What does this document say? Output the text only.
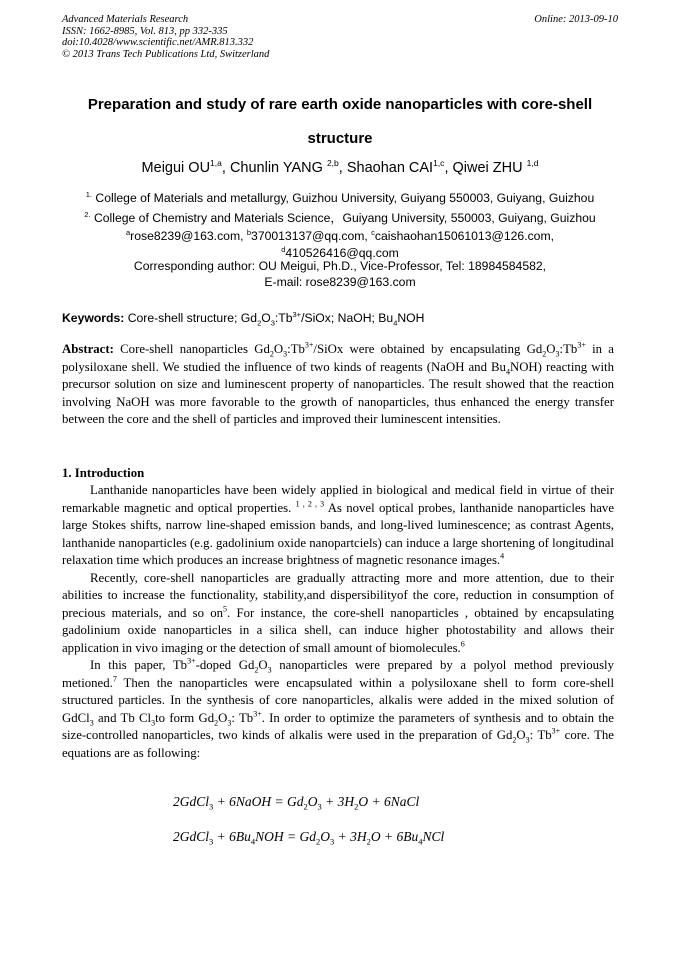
Advanced Materials Research
ISSN: 1662-8985, Vol. 813, pp 332-335
doi:10.4028/www.scientific.net/AMR.813.332
© 2013 Trans Tech Publications Ltd, Switzerland
Online: 2013-09-10
Preparation and study of rare earth oxide nanoparticles with core-shell
structure
Meigui OU$^{1,a}$, Chunlin YANG $^{2,b}$, Shaohan CAI$^{1,c}$, Qiwei ZHU $^{1,d}$
$^{1.}$ College of Materials and metallurgy, Guizhou University, Guiyang 550003, Guiyang, Guizhou
$^{2.}$ College of Chemistry and Materials Science，Guiyang University, 550003, Guiyang, Guizhou
$^a$rose8239@163.com, $^b$370013137@qq.com, $^c$caishaohan15061013@126.com,
$^d$410526416@qq.com
Corresponding author: OU Meigui, Ph.D., Vice-Professor, Tel: 18984584582,
E-mail: rose8239@163.com
Keywords: Core-shell structure; $Gd_2O_3:Tb^{3+}$/SiOx; NaOH; $Bu_4NOH$
Abstract: Core-shell nanoparticles $Gd_2O_3:Tb^{3+}$/SiOx were obtained by encapsulating $Gd_2O_3:Tb^{3+}$ in a polysiloxane shell. We studied the influence of two kinds of reagents (NaOH and $Bu_4NOH$) reacting with precursor solution on size and luminescent property of nanoparticles. The result showed that the reaction involving NaOH was more favorable to the growth of nanoparticles, thus enhanced the energy transfer between the core and the shell of particles and improved their luminescent intensities.
1. Introduction

Lanthanide nanoparticles have been widely applied in biological and medical field in virtue of their remarkable magnetic and optical properties. $^{1 , 2 , 3}$ As novel optical probes, lanthanide nanoparticles have large Stokes shifts, narrow line-shaped emission bands, and long-lived luminescence; as contrast Agents, lanthanide nanoparticles (e.g. gadolinium oxide nanopartciels) can induce a large shortening of longitudinal relaxation time which produces an increase brightness of magnetic resonance images.$^4$

Recently, core-shell nanoparticles are gradually attracting more and more attention, due to their abilities to increase the functionality, stability,and dispersibilityof the core, reduction in consumption of precious materials, and so $on^5$. For instance, the core-shell nanoparticles , obtained by encapsulating gadolinium oxide nanoparticles in a silica shell, can induce higher photostability and allows their application in vivo imaging or the detection of small amount of biomolecules.$^6$

In this paper, $Tb^{3+}$-doped $Gd_2O_3$ nanoparticles were prepared by a polyol method previously metioned.$^7$ Then the nanoparticles were encapsulated within a polysiloxane shell to form core-shell structured particles. In the synthesis of core nanoparticles, alkalis were added in the mixed solution of GdCl$_3$ and Tb $Cl_3to$ form $Gd_2O_3$: $Tb^{3+}$. In order to optimize the parameters of synthesis and to obtain the size-controlled nanoparticles, two kinds of alkalis were used in the preparation of $Gd_2O_3$: $Tb^{3+}$ core. The equations are as following:

2GdCl$_3$ + 6NaOH = $Gd_2O_3 + 3H_2O$ + 6NaCl
2GdCl$_3$ + $6Bu_4NOH = Gd_2O_3 + 3H_2O + 6Bu_4NCl$
